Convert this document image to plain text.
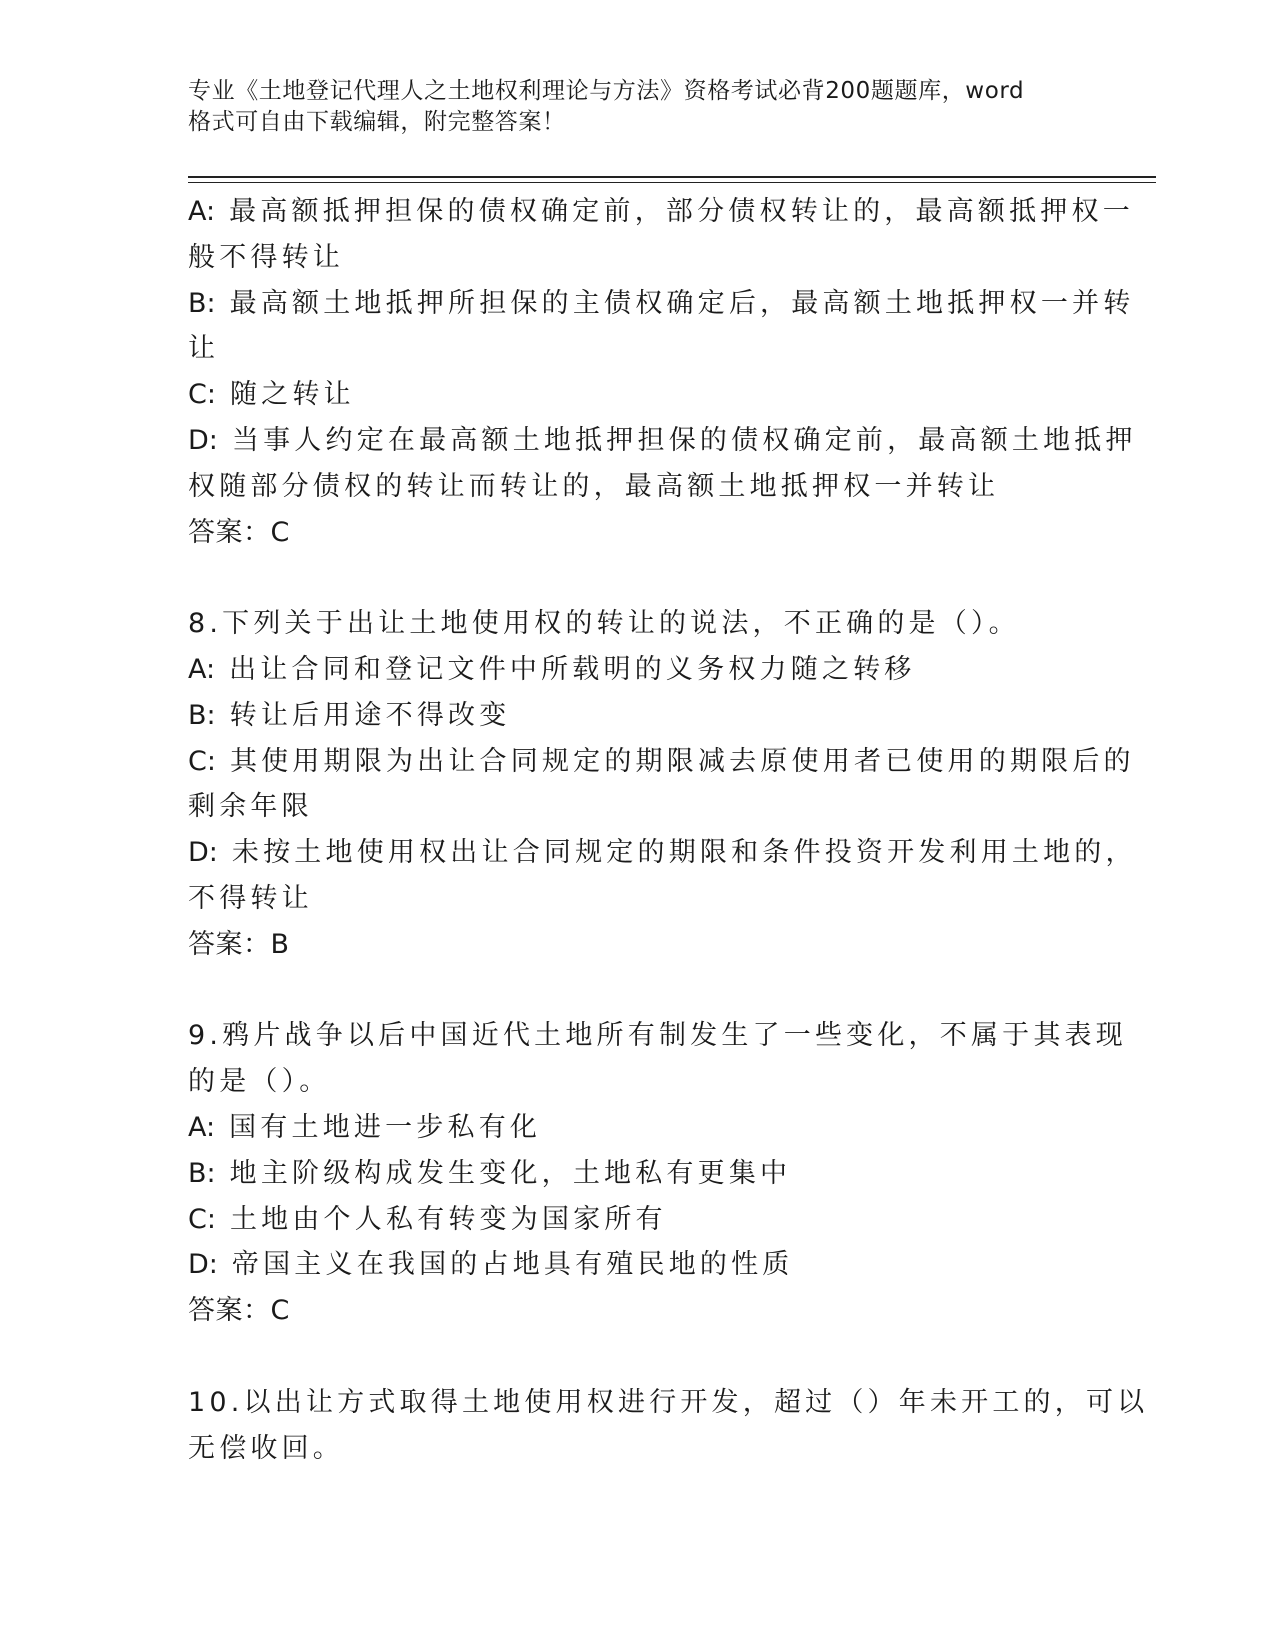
专业《土地登记代理人之土地权利理论与方法》资格考试必背200题题库，word
格式可自由下载编辑，附完整答案！
A: 最高额抵押担保的债权确定前，部分债权转让的，最高额抵押权一
般不得转让
B: 最高额土地抵押所担保的主债权确定后，最高额土地抵押权一并转
让
C: 随之转让
D: 当事人约定在最高额土地抵押担保的债权确定前，最高额土地抵押
权随部分债权的转让而转让的，最高额土地抵押权一并转让
答案：C
8.下列关于出让土地使用权的转让的说法，不正确的是（）。
A: 出让合同和登记文件中所载明的义务权力随之转移
B: 转让后用途不得改变
C: 其使用期限为出让合同规定的期限减去原使用者已使用的期限后的
剩余年限
D: 未按土地使用权出让合同规定的期限和条件投资开发利用土地的，
不得转让
答案：B
9.鸦片战争以后中国近代土地所有制发生了一些变化，不属于其表现
的是（）。
A: 国有土地进一步私有化
B: 地主阶级构成发生变化，土地私有更集中
C: 土地由个人私有转变为国家所有
D: 帝国主义在我国的占地具有殖民地的性质
答案：C
10.以出让方式取得土地使用权进行开发，超过（）年未开工的，可以
无偿收回。
